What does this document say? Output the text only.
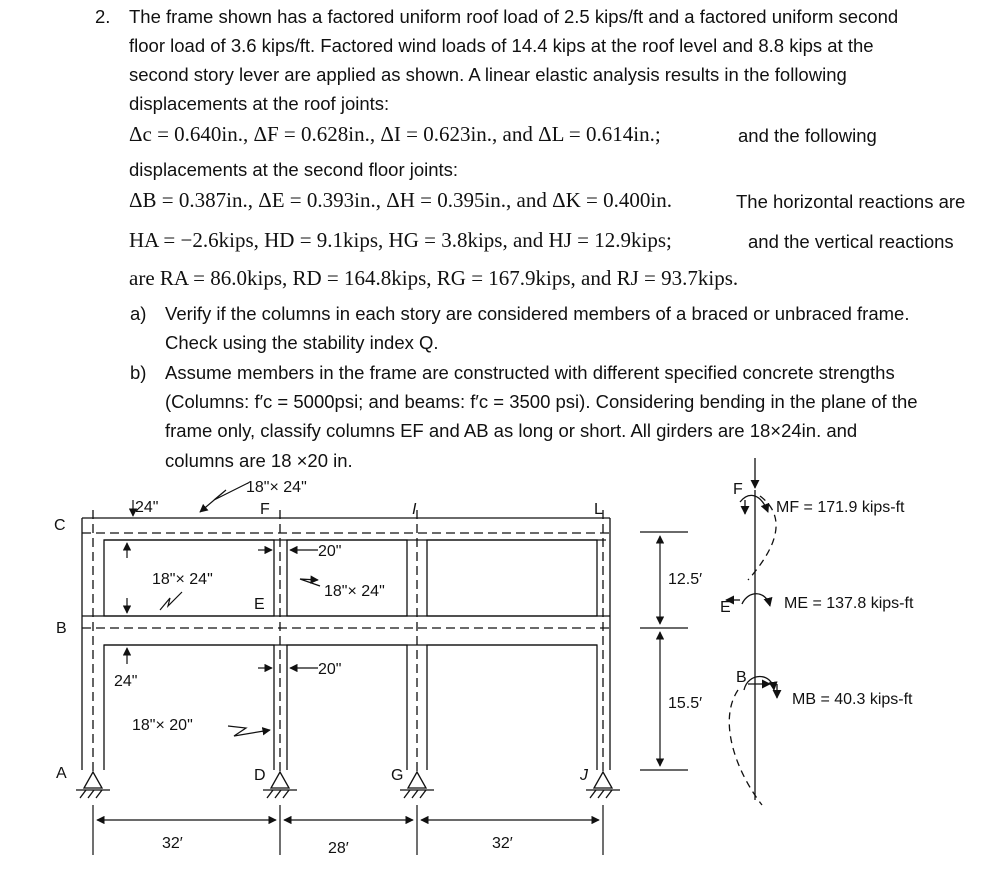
2. The frame shown has a factored uniform roof load of 2.5 kips/ft and a factored uniform second
floor load of 3.6 kips/ft. Factored wind loads of 14.4 kips at the roof level and 8.8 kips at the
second story lever are applied as shown. A linear elastic analysis results in the following
displacements at the roof joints:
Δc = 0.640in., ΔF = 0.628in., ΔI = 0.623in., and ΔL = 0.614in.;	and the following
displacements at the second floor joints:
ΔB = 0.387in., ΔE = 0.393in., ΔH = 0.395in., and ΔK = 0.400in.	The horizontal reactions are
HA = −2.6kips, HD = 9.1kips, HG = 3.8kips, and HJ = 12.9kips;	and the vertical reactions
are RA = 86.0kips, RD = 164.8kips, RG = 167.9kips, and RJ = 93.7kips.
a) Verify if the columns in each story are considered members of a braced or unbraced frame.
Check using the stability index Q.
b) Assume members in the frame are constructed with different specified concrete strengths
(Columns: f′c = 5000psi; and beams: f′c = 3500 psi). Considering bending in the plane of the
frame only, classify columns EF and AB as long or short. All girders are 18×24in. and
columns are 18 ×20 in.
C
B
A
F	I	L
E
D	G	J
24"
24"
18"× 24"
18"× 24"
18"× 24"
18"× 20"
20"
20"
12.5′
15.5′
32′	28′	32′
F
E
B
MF = 171.9 kips-ft
ME = 137.8 kips-ft
MB = 40.3 kips-ft
